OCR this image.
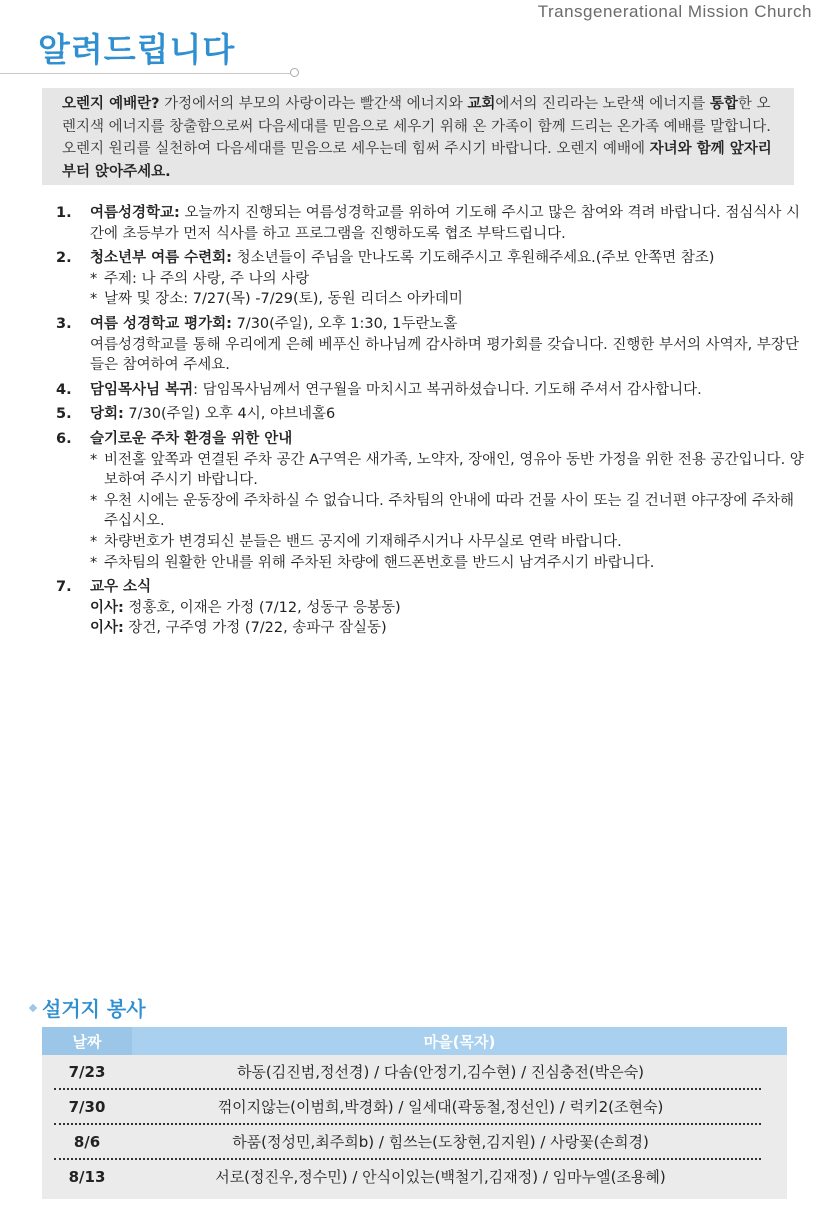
Transgenerational Mission Church
알려드립니다
오렌지 예배란? 가정에서의 부모의 사랑이라는 빨간색 에너지와 교회에서의 진리라는 노란색 에너지를 통합한 오렌지색 에너지를 창출함으로써 다음세대를 믿음으로 세우기 위해 온 가족이 함께 드리는 온가족 예배를 말합니다. 오렌지 원리를 실천하여 다음세대를 믿음으로 세우는데 힘써 주시기 바랍니다. 오렌지 예배에 자녀와 함께 앞자리부터 앉아주세요.
1. 여름성경학교: 오늘까지 진행되는 여름성경학교를 위하여 기도해 주시고 많은 참여와 격려 바랍니다. 점심식사 시간에 초등부가 먼저 식사를 하고 프로그램을 진행하도록 협조 부탁드립니다.
2. 청소년부 여름 수련회: 청소년들이 주님을 만나도록 기도해주시고 후원해주세요.(주보 안쪽면 참조)
* 주제: 나 주의 사랑, 주 나의 사랑
* 날짜 및 장소: 7/27(목) -7/29(토), 동원 리더스 아카데미
3. 여름 성경학교 평가회: 7/30(주일), 오후 1:30, 1두란노홀
여름성경학교를 통해 우리에게 은혜 베푸신 하나님께 감사하며 평가회를 갖습니다. 진행한 부서의 사역자, 부장단들은 참여하여 주세요.
4. 담임목사님 복귀: 담임목사님께서 연구월을 마치시고 복귀하셨습니다. 기도해 주셔서 감사합니다.
5. 당회: 7/30(주일) 오후 4시, 야브네홀6
6. 슬기로운 주차 환경을 위한 안내
* 비전홀 앞쪽과 연결된 주차 공간 A구역은 새가족, 노약자, 장애인, 영유아 동반 가정을 위한 전용 공간입니다. 양보하여 주시기 바랍니다.
* 우천 시에는 운동장에 주차하실 수 없습니다. 주차팀의 안내에 따라 건물 사이 또는 길 건너편 야구장에 주차해 주십시오.
* 차량번호가 변경되신 분들은 밴드 공지에 기재해주시거나 사무실로 연락 바랍니다.
* 주차팀의 원활한 안내를 위해 주차된 차량에 핸드폰번호를 반드시 남겨주시기 바랍니다.
7. 교우 소식
이사: 정홍호, 이재은 가정 (7/12, 성동구 응봉동)
이사: 장건, 구주영 가정 (7/22, 송파구 잠실동)
설거지 봉사
날짜	마을(목자)
7/23	하동(김진범,정선경) / 다솜(안정기,김수현) / 진심충전(박은숙)
7/30	꺾이지않는(이범희,박경화) / 일세대(곽동철,정선인) / 럭키2(조현숙)
8/6	하품(정성민,최주희b) / 힘쓰는(도창현,김지원) / 사랑꽃(손희경)
8/13	서로(정진우,정수민) / 안식이있는(백철기,김재정) / 임마누엘(조용혜)
